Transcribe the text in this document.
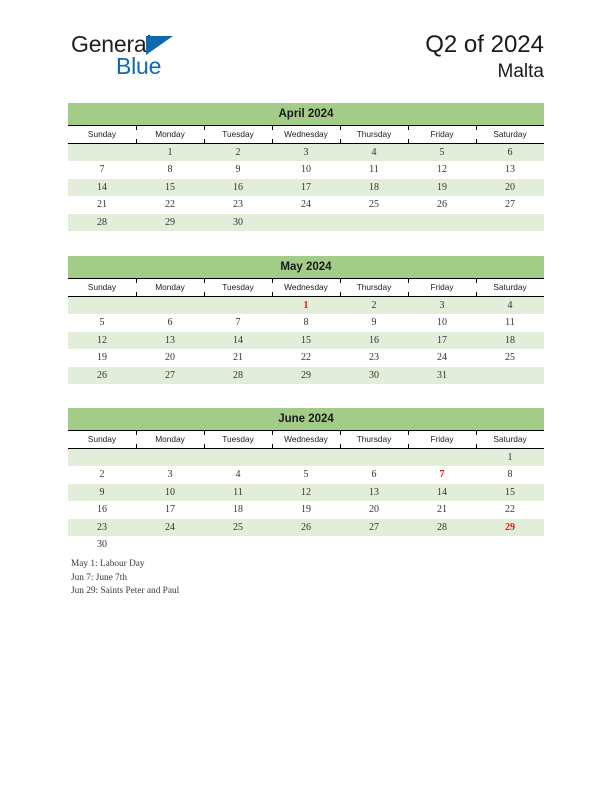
General
Blue
Q2 of 2024
Malta
April 2024						
Sunday	Monday	Tuesday	Wednesday	Thursday	Friday	Saturday
	1	2	3	4	5	6
7	8	9	10	11	12	13
14	15	16	17	18	19	20
21	22	23	24	25	26	27
28	29	30				
May 2024						
Sunday	Monday	Tuesday	Wednesday	Thursday	Friday	Saturday
			1	2	3	4
5	6	7	8	9	10	11
12	13	14	15	16	17	18
19	20	21	22	23	24	25
26	27	28	29	30	31	
June 2024						
Sunday	Monday	Tuesday	Wednesday	Thursday	Friday	Saturday
						1
2	3	4	5	6	7	8
9	10	11	12	13	14	15
16	17	18	19	20	21	22
23	24	25	26	27	28	29
30						
May 1: Labour Day
Jun 7: June 7th
Jun 29: Saints Peter and Paul
